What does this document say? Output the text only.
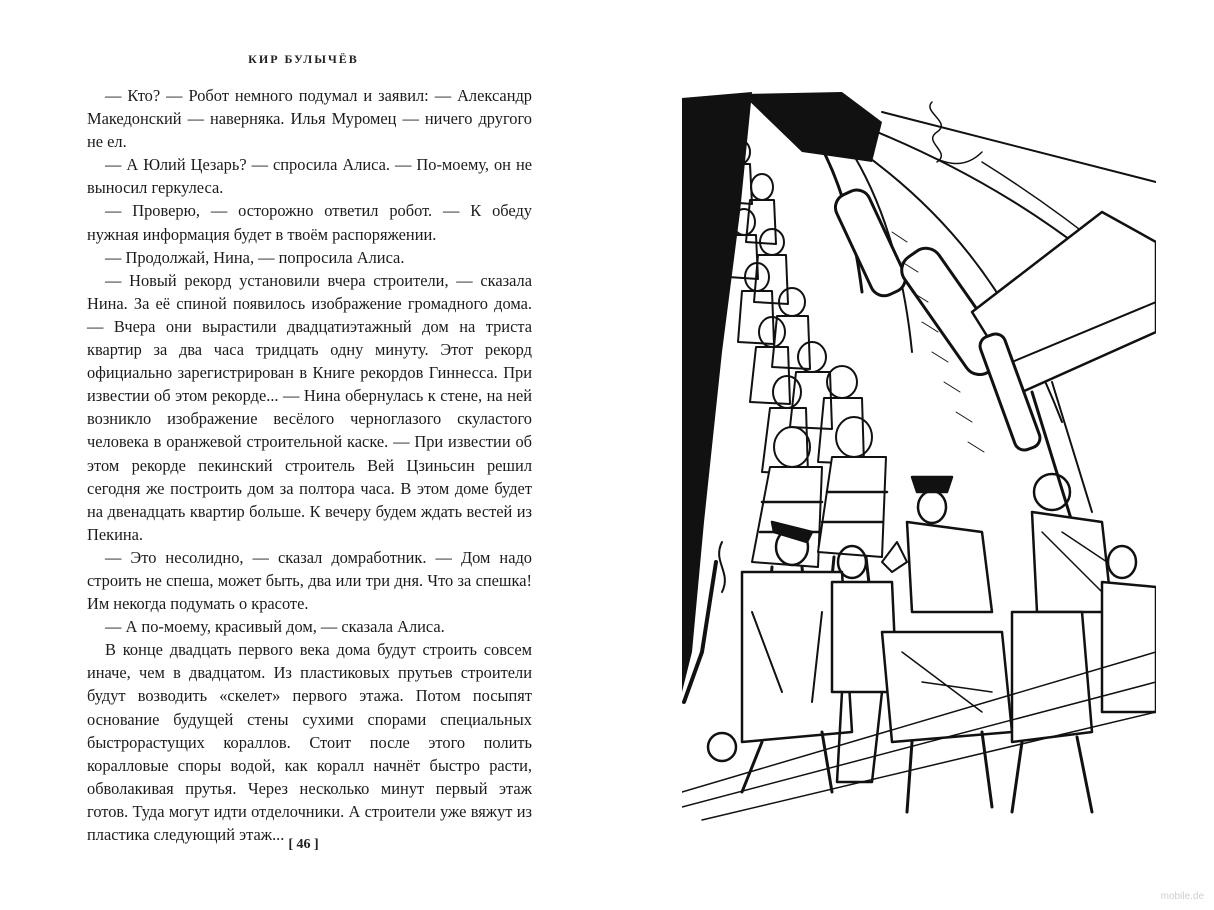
КИР БУЛЫЧЁВ

— Кто? — Робот немного подумал и заявил: — Александр Македонский — наверняка. Илья Муромец — ничего другого не ел.

— А Юлий Цезарь? — спросила Алиса. — По-моему, он не выносил геркулеса.

— Проверю, — осторожно ответил робот. — К обеду нужная информация будет в твоём распоряжении.

— Продолжай, Нина, — попросила Алиса.

— Новый рекорд установили вчера строители, — сказала Нина. За её спиной появилось изображение громадного дома. — Вчера они вырастили двадцатиэтажный дом на триста квартир за два часа тридцать одну минуту. Этот рекорд официально зарегистрирован в Книге рекордов Гиннесса. При известии об этом рекорде... — Нина обернулась к стене, на ней возникло изображение весёлого черноглазого скуластого человека в оранжевой строительной каске. — При известии об этом рекорде пекинский строитель Вей Цзиньсин решил сегодня же построить дом за полтора часа. В этом доме будет на двенадцать квартир больше. К вечеру будем ждать вестей из Пекина.

— Это несолидно, — сказал домработник. — Дом надо строить не спеша, может быть, два или три дня. Что за спешка! Им некогда подумать о красоте.

— А по-моему, красивый дом, — сказала Алиса.

В конце двадцать первого века дома будут строить совсем иначе, чем в двадцатом. Из пластиковых прутьев строители будут возводить «скелет» первого этажа. Потом посыпят основание будущей стены сухими спорами специальных быстрорастущих кораллов. Стоит после этого полить коралловые споры водой, как коралл начнёт быстро расти, обволакивая прутья. Через несколько минут первый этаж готов. Туда могут идти отделочники. А строители уже вяжут из пластика следующий этаж...

[ 46 ]
mobile.de
